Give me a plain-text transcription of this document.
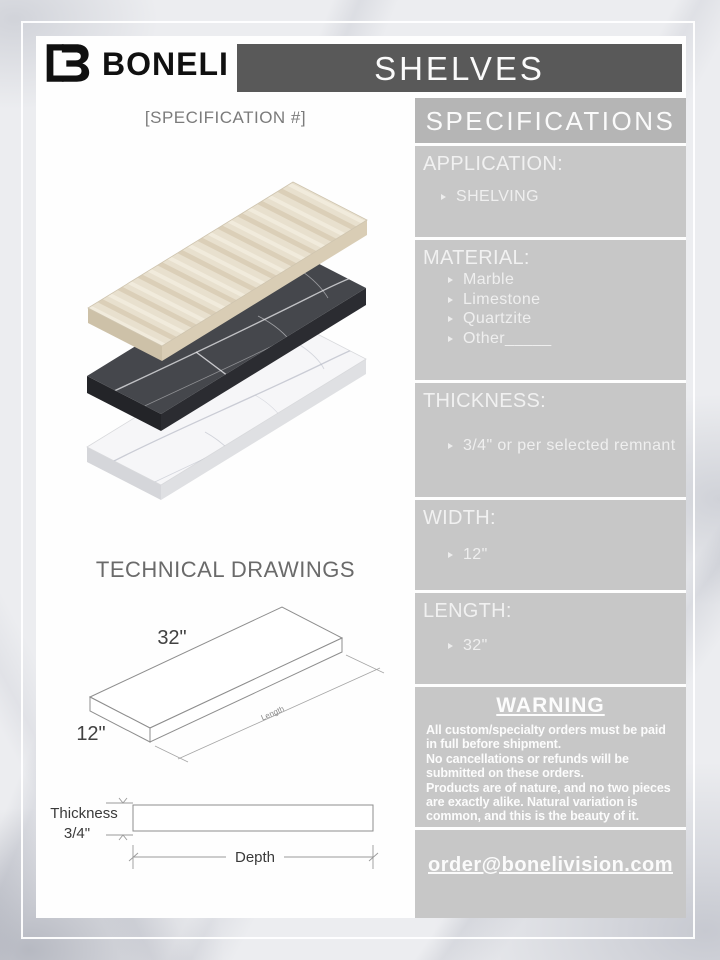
BONELI	SHELVES
[SPECIFICATION #]	SPECIFICATIONS
APPLICATION:
SHELVING
MATERIAL:
Marble
Limestone
Quartzite
Other_____
THICKNESS:
3/4" or per selected remnant
WIDTH:
12"
LENGTH:
32"
WARNING

All custom/specialty orders must be paid in full before shipment.

No cancellations or refunds will be submitted on these orders.

Products are of nature, and no two pieces are exactly alike. Natural variation is common, and this is the beauty of it.

order@bonelivision.com
TECHNICAL DRAWINGS
32"
12"
Length
Thickness
3/4"
Depth
